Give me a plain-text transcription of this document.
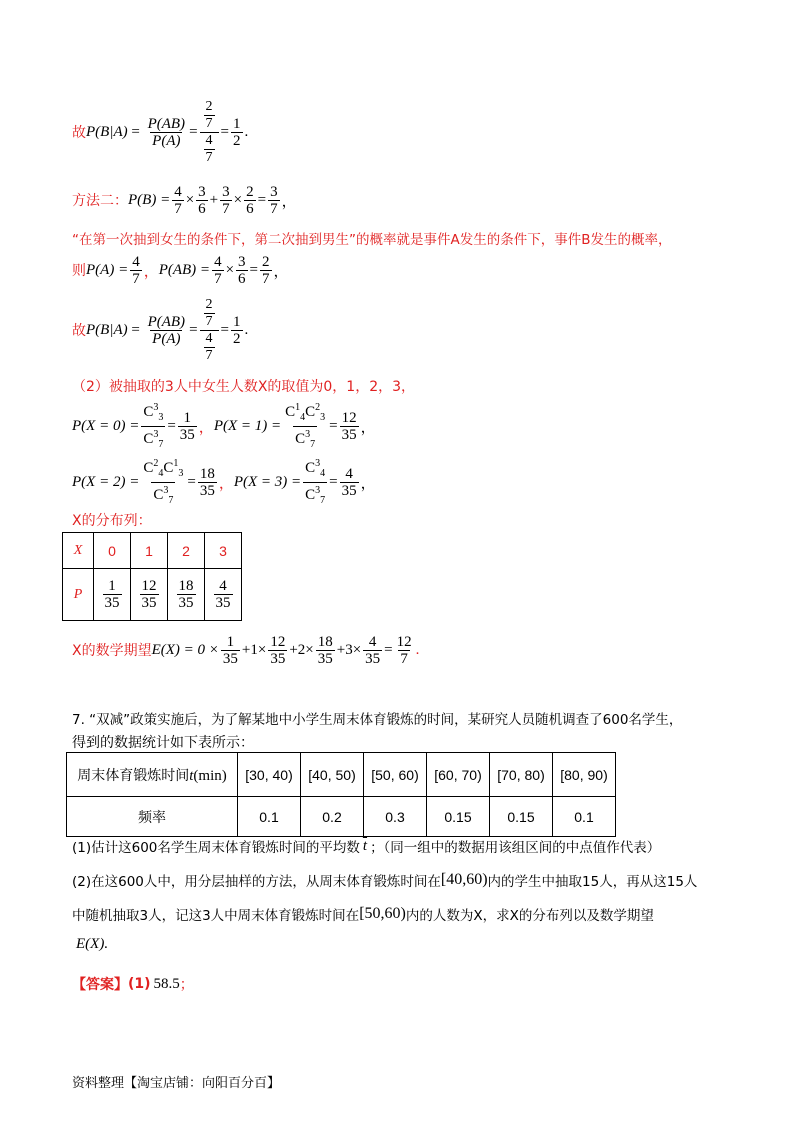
故 $P(B|A) = \frac{P(AB)}{P(A)} = \frac{\frac{2}{7}}{\frac{4}{7}} = \frac{1}{2}$ .
方法二： $P(B) = \frac{4}{7} \times \frac{3}{6} + \frac{3}{7} \times \frac{2}{6} = \frac{3}{7}$ ，
“在第一次抽到女生的条件下，第二次抽到男生”的概率就是事件A发生的条件下，事件B发生的概率，
则 $P(A) = \frac{4}{7}$ ， $P(AB) = \frac{4}{7} \times \frac{3}{6} = \frac{2}{7}$ ，
故 $P(B|A) = \frac{P(AB)}{P(A)} = \frac{\frac{2}{7}}{\frac{4}{7}} = \frac{1}{2}$ .
（2）被抽取的3人中女生人数X的取值为0，1，2，3，
$P(X = 0) = \frac{C^3_3}{C^3_7} = \frac{1}{35}$ ， $P(X = 1) = \frac{C^1_4C^2_3}{C^3_7} = \frac{12}{35}$ ，
$P(X = 2) = \frac{C^2_4C^1_3}{C^3_7} = \frac{18}{35}$ ， $P(X = 3) = \frac{C^3_4}{C^3_7} = \frac{4}{35}$ ，
X的分布列：
X	0	1	2	3
P	$\frac{1}{35}$	$\frac{12}{35}$	$\frac{18}{35}$	$\frac{4}{35}$
X的数学期望 $E(X) = 0 \times \frac{1}{35} +1\times \frac{12}{35} +2\times \frac{18}{35} +3\times \frac{4}{35} = \frac{12}{7}$ .
7. “双减”政策实施后，为了解某地中小学生周末体育锻炼的时间，某研究人员随机调查了600名学生，
得到的数据统计如下表所示：
周末体育锻炼时间t(min)	[30, 40)	[40, 50)	[50, 60)	[60, 70)	[70, 80)	[80, 90)
频率	0.1	0.2	0.3	0.15	0.15	0.1
(1)估计这600名学生周末体育锻炼时间的平均数 $\overline{t}$ ；（同一组中的数据用该组区间的中点值作代表）
(2)在这600人中，用分层抽样的方法，从周末体育锻炼时间在 [40,60) 内的学生中抽取15人，再从这15人
中随机抽取3人，记这3人中周末体育锻炼时间在 [50,60) 内的人数为X，求X的分布列以及数学期望
E(X).
【答案】 (1) 58.5 ；
资料整理【淘宝店铺：向阳百分百】
